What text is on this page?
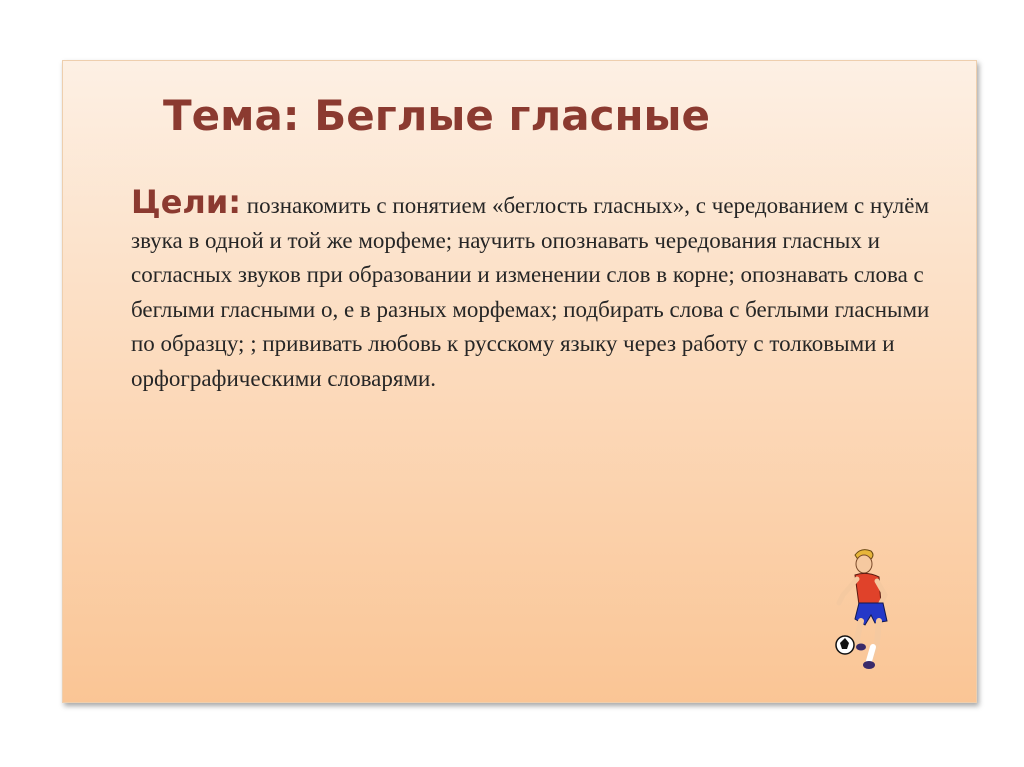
Тема: Беглые гласные

Цели: познакомить с понятием «беглость гласных», с чередованием с нулём звука в одной и той же морфеме; научить опознавать чередования гласных и согласных звуков при образовании и изменении слов в корне; опознавать слова с беглыми гласными о, е в разных морфемах; подбирать слова с беглыми гласными по образцу; ; прививать любовь к русскому языку через работу с толковыми и орфографическими словарями.
